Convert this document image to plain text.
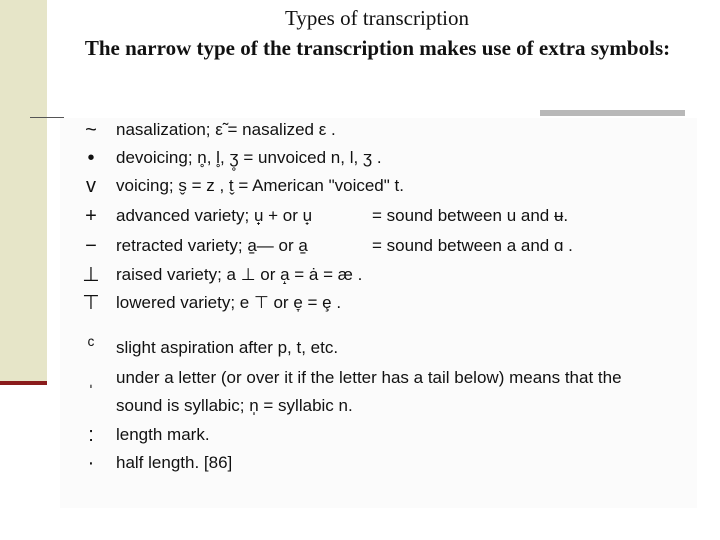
Types of transcription
The narrow type of the transcription makes use of extra symbols:
~	nasalization; ε̃ = nasalized ε .
•	devoicing; n̥, l̥, ʒ̥ = unvoiced n, l, ʒ .
v	voicing; s̬ = z , t̬ = American "voiced" t.
+	advanced variety; u̟ + or u̟	= sound between u and ʉ.
−	retracted variety; a̠— or a̠	= sound between a and ɑ .
⊥ raised variety; a ⊥ or a̝ = ȧ = æ .
⊤ lowered variety; e ⊤ or e̞ = ȩ .
ᶜ	slight aspiration after p, t, etc.
ˌ	under a letter (or over it if the letter has a tail below) means that the
sound is syllabic; n̩ = syllabic n.
:	length mark.
·	half length. [86]
